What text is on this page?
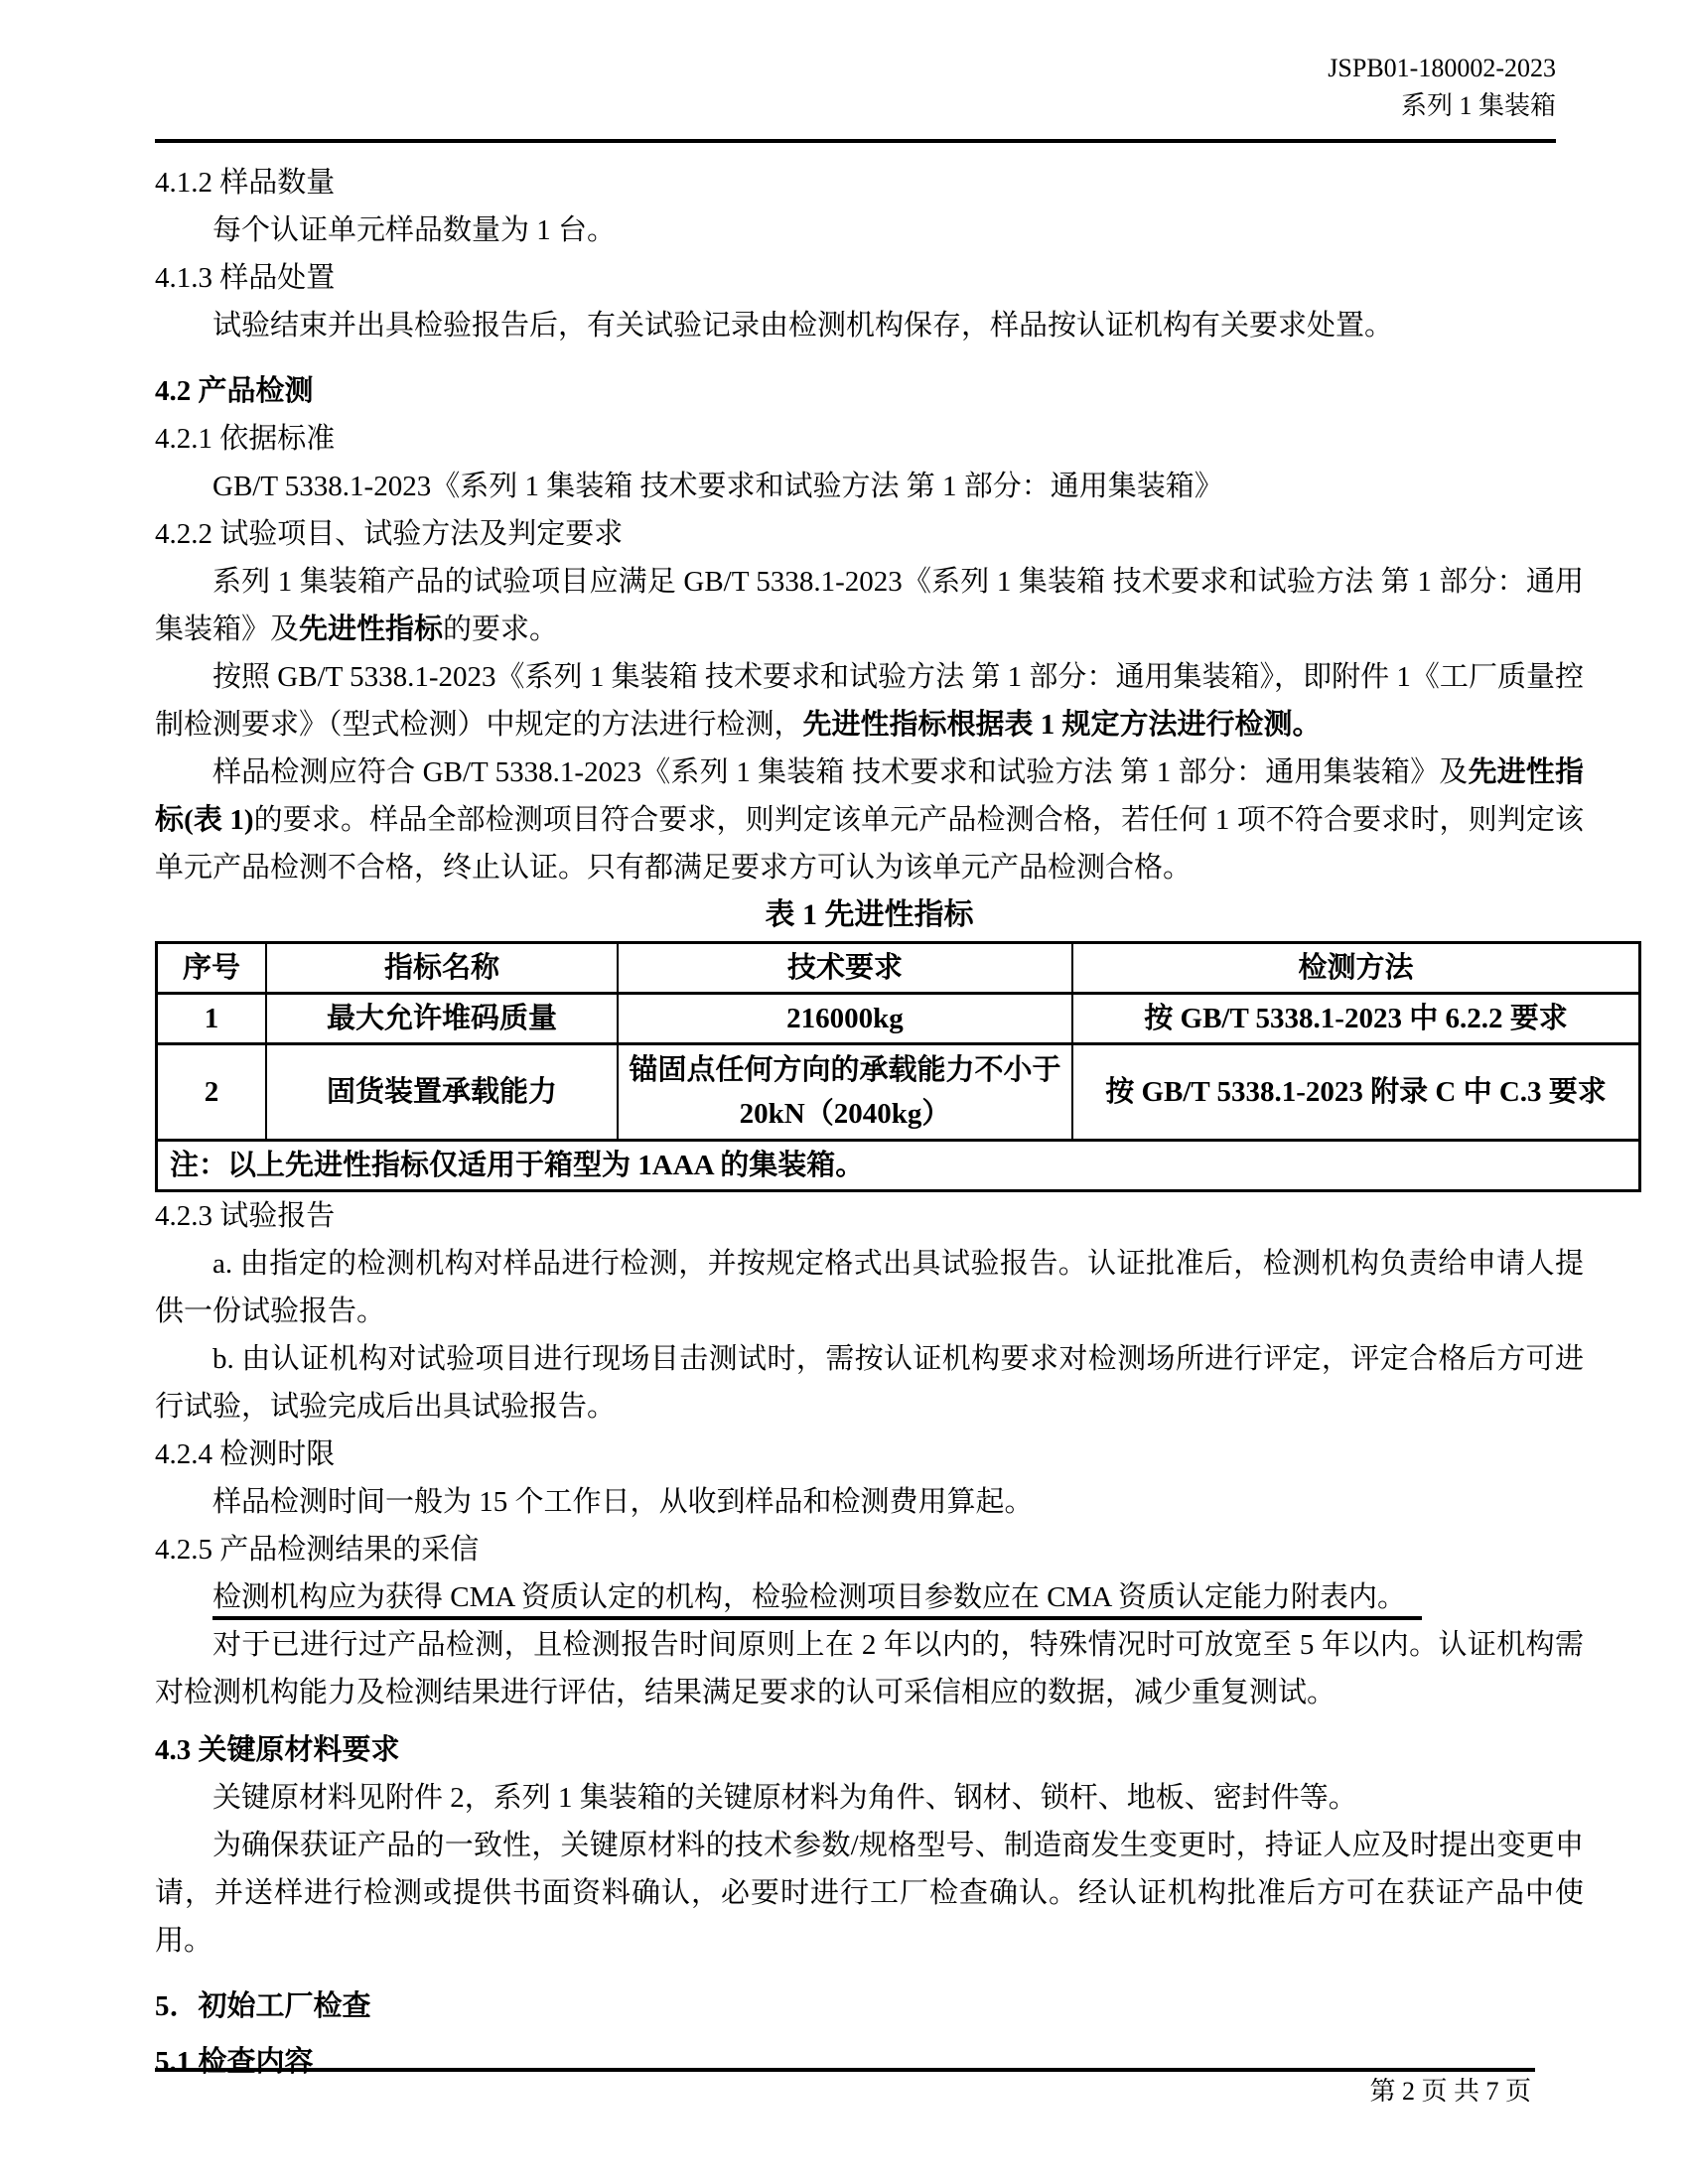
JSPB01-180002-2023
系列 1 集装箱
4.1.2 样品数量
每个认证单元样品数量为 1 台。
4.1.3 样品处置
试验结束并出具检验报告后，有关试验记录由检测机构保存，样品按认证机构有关要求处置。
4.2 产品检测
4.2.1 依据标准
GB/T 5338.1-2023《系列 1 集装箱 技术要求和试验方法 第 1 部分：通用集装箱》
4.2.2 试验项目、试验方法及判定要求
系列 1 集装箱产品的试验项目应满足 GB/T 5338.1-2023《系列 1 集装箱 技术要求和试验方法 第 1 部分：通用集装箱》及先进性指标的要求。
按照 GB/T 5338.1-2023《系列 1 集装箱 技术要求和试验方法 第 1 部分：通用集装箱》，即附件 1《工厂质量控制检测要求》（型式检测）中规定的方法进行检测，先进性指标根据表 1 规定方法进行检测。
样品检测应符合 GB/T 5338.1-2023《系列 1 集装箱 技术要求和试验方法 第 1 部分：通用集装箱》及先进性指标(表 1)的要求。样品全部检测项目符合要求，则判定该单元产品检测合格，若任何 1 项不符合要求时，则判定该单元产品检测不合格，终止认证。只有都满足要求方可认为该单元产品检测合格。
表 1 先进性指标
序号	指标名称	技术要求	检测方法
1	最大允许堆码质量	216000kg	按 GB/T 5338.1-2023 中 6.2.2 要求
2	固货装置承载能力	锚固点任何方向的承载能力不小于 20kN（2040kg）	按 GB/T 5338.1-2023 附录 C 中 C.3 要求
注：以上先进性指标仅适用于箱型为 1AAA 的集装箱。			
4.2.3 试验报告
a. 由指定的检测机构对样品进行检测，并按规定格式出具试验报告。认证批准后，检测机构负责给申请人提供一份试验报告。
b. 由认证机构对试验项目进行现场目击测试时，需按认证机构要求对检测场所进行评定，评定合格后方可进行试验，试验完成后出具试验报告。
4.2.4 检测时限
样品检测时间一般为 15 个工作日，从收到样品和检测费用算起。
4.2.5 产品检测结果的采信
检测机构应为获得 CMA 资质认定的机构，检验检测项目参数应在 CMA 资质认定能力附表内。
对于已进行过产品检测，且检测报告时间原则上在 2 年以内的，特殊情况时可放宽至 5 年以内。认证机构需对检测机构能力及检测结果进行评估，结果满足要求的认可采信相应的数据，减少重复测试。
4.3 关键原材料要求
关键原材料见附件 2，系列 1 集装箱的关键原材料为角件、钢材、锁杆、地板、密封件等。
为确保获证产品的一致性，关键原材料的技术参数/规格型号、制造商发生变更时，持证人应及时提出变更申请，并送样进行检测或提供书面资料确认，必要时进行工厂检查确认。经认证机构批准后方可在获证产品中使用。
5．初始工厂检查
5.1 检查内容
第 2 页 共 7 页
